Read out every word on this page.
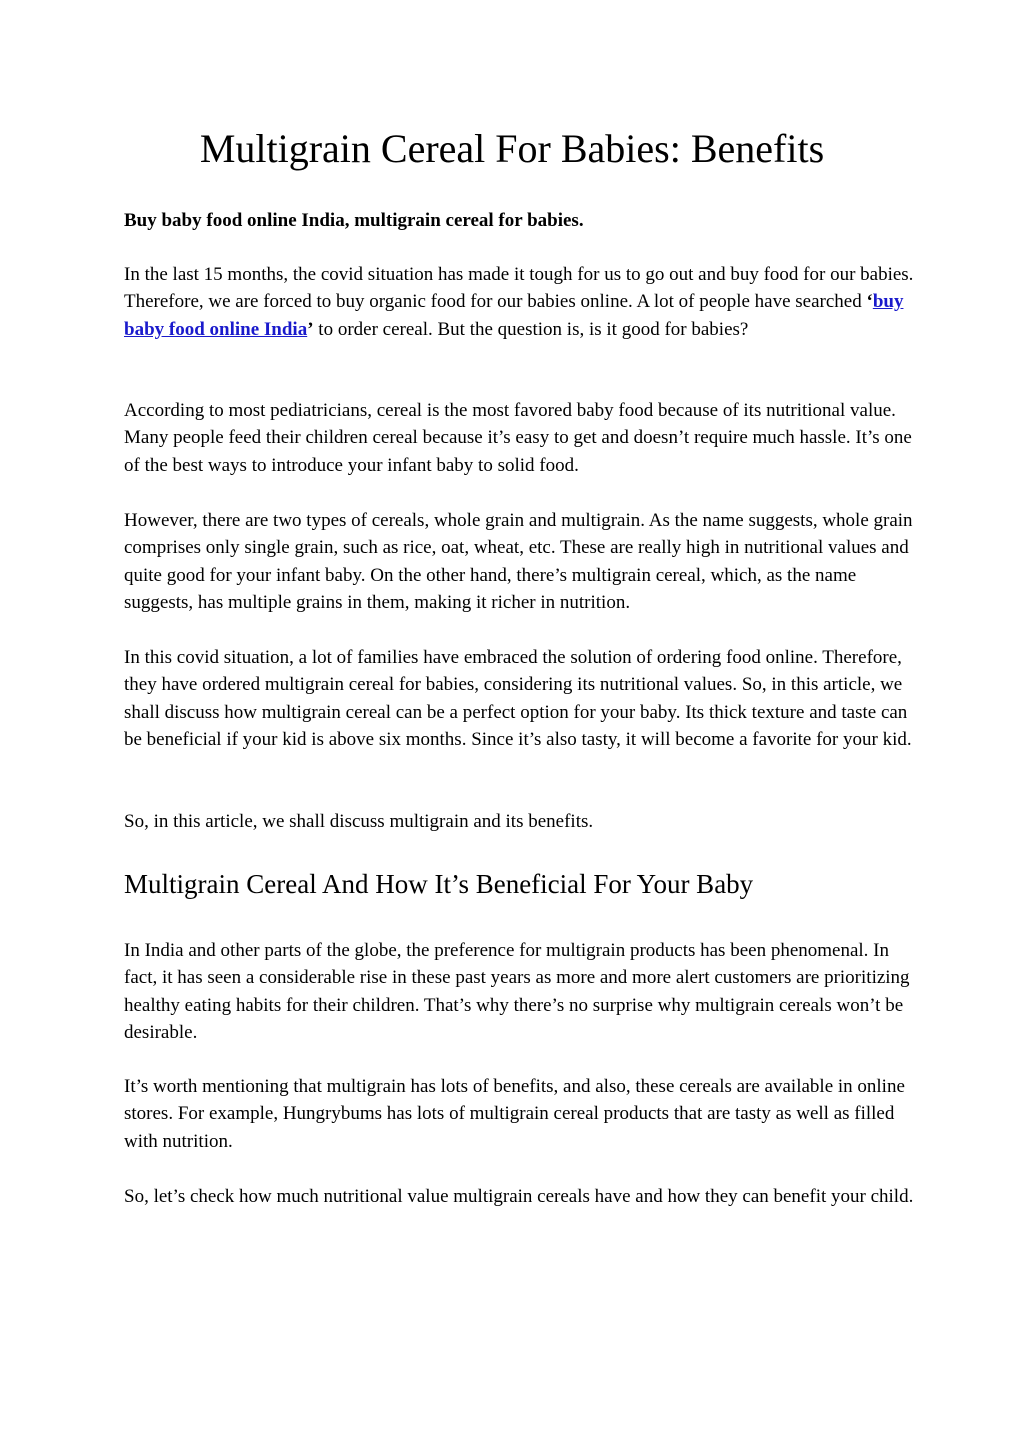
Multigrain Cereal For Babies: Benefits

Buy baby food online India, multigrain cereal for babies.

In the last 15 months, the covid situation has made it tough for us to go out and buy food for our babies. Therefore, we are forced to buy organic food for our babies online. A lot of people have searched ‘buy baby food online India’ to order cereal. But the question is, is it good for babies?

According to most pediatricians, cereal is the most favored baby food because of its nutritional value. Many people feed their children cereal because it’s easy to get and doesn’t require much hassle. It’s one of the best ways to introduce your infant baby to solid food.

However, there are two types of cereals, whole grain and multigrain. As the name suggests, whole grain comprises only single grain, such as rice, oat, wheat, etc. These are really high in nutritional values and quite good for your infant baby. On the other hand, there’s multigrain cereal, which, as the name suggests, has multiple grains in them, making it richer in nutrition.

In this covid situation, a lot of families have embraced the solution of ordering food online. Therefore, they have ordered multigrain cereal for babies, considering its nutritional values. So, in this article, we shall discuss how multigrain cereal can be a perfect option for your baby. Its thick texture and taste can be beneficial if your kid is above six months. Since it’s also tasty, it will become a favorite for your kid.

So, in this article, we shall discuss multigrain and its benefits.

Multigrain Cereal And How It’s Beneficial For Your Baby

In India and other parts of the globe, the preference for multigrain products has been phenomenal. In fact, it has seen a considerable rise in these past years as more and more alert customers are prioritizing healthy eating habits for their children. That’s why there’s no surprise why multigrain cereals won’t be desirable.

It’s worth mentioning that multigrain has lots of benefits, and also, these cereals are available in online stores. For example, Hungrybums has lots of multigrain cereal products that are tasty as well as filled with nutrition.

So, let’s check how much nutritional value multigrain cereals have and how they can benefit your child.
